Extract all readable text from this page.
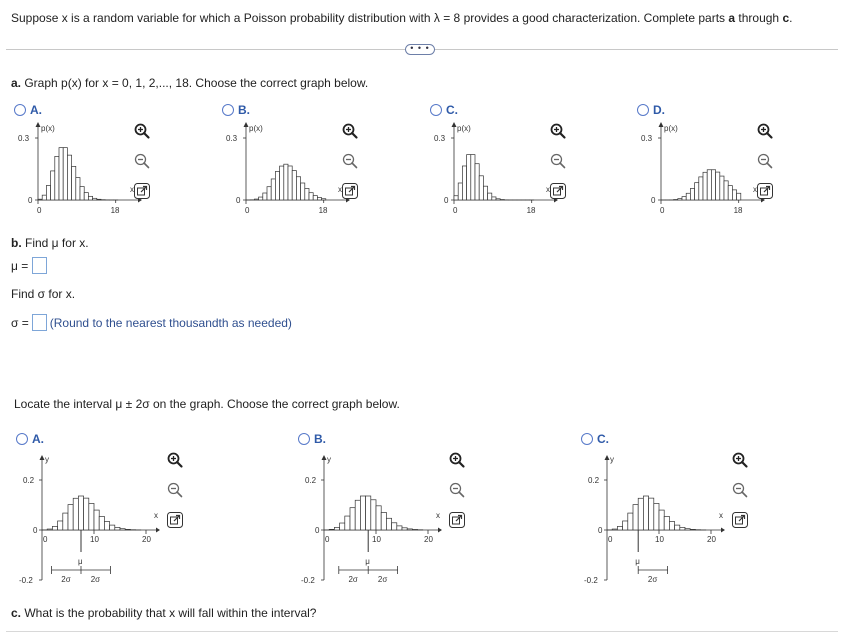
Suppose x is a random variable for which a Poisson probability distribution with λ = 8 provides a good characterization. Complete parts a through c.
• • •
a. Graph p(x) for x = 0, 1, 2,..., 18. Choose the correct graph below.
A.
p(x)
0.3
0
0	18
x
B.
p(x)
0.3
0
0	18
x
C.
p(x)
0.3
0
0	18
x
D.
p(x)
0.3
0
0	18
x
b. Find μ for x.
μ =
Find σ for x.
σ = (Round to the nearest thousandth as needed)
Locate the interval μ ± 2σ on the graph. Choose the correct graph below.
A.
2σ
μ
2σ
y
0.2
0
-0.2
0	10	20
x
B.
2σ
μ
2σ
y
0.2
0
-0.2
0	10	20
x
C.
μ
2σ
y
0.2
0
-0.2
0	10	20
x
c. What is the probability that x will fall within the interval?
